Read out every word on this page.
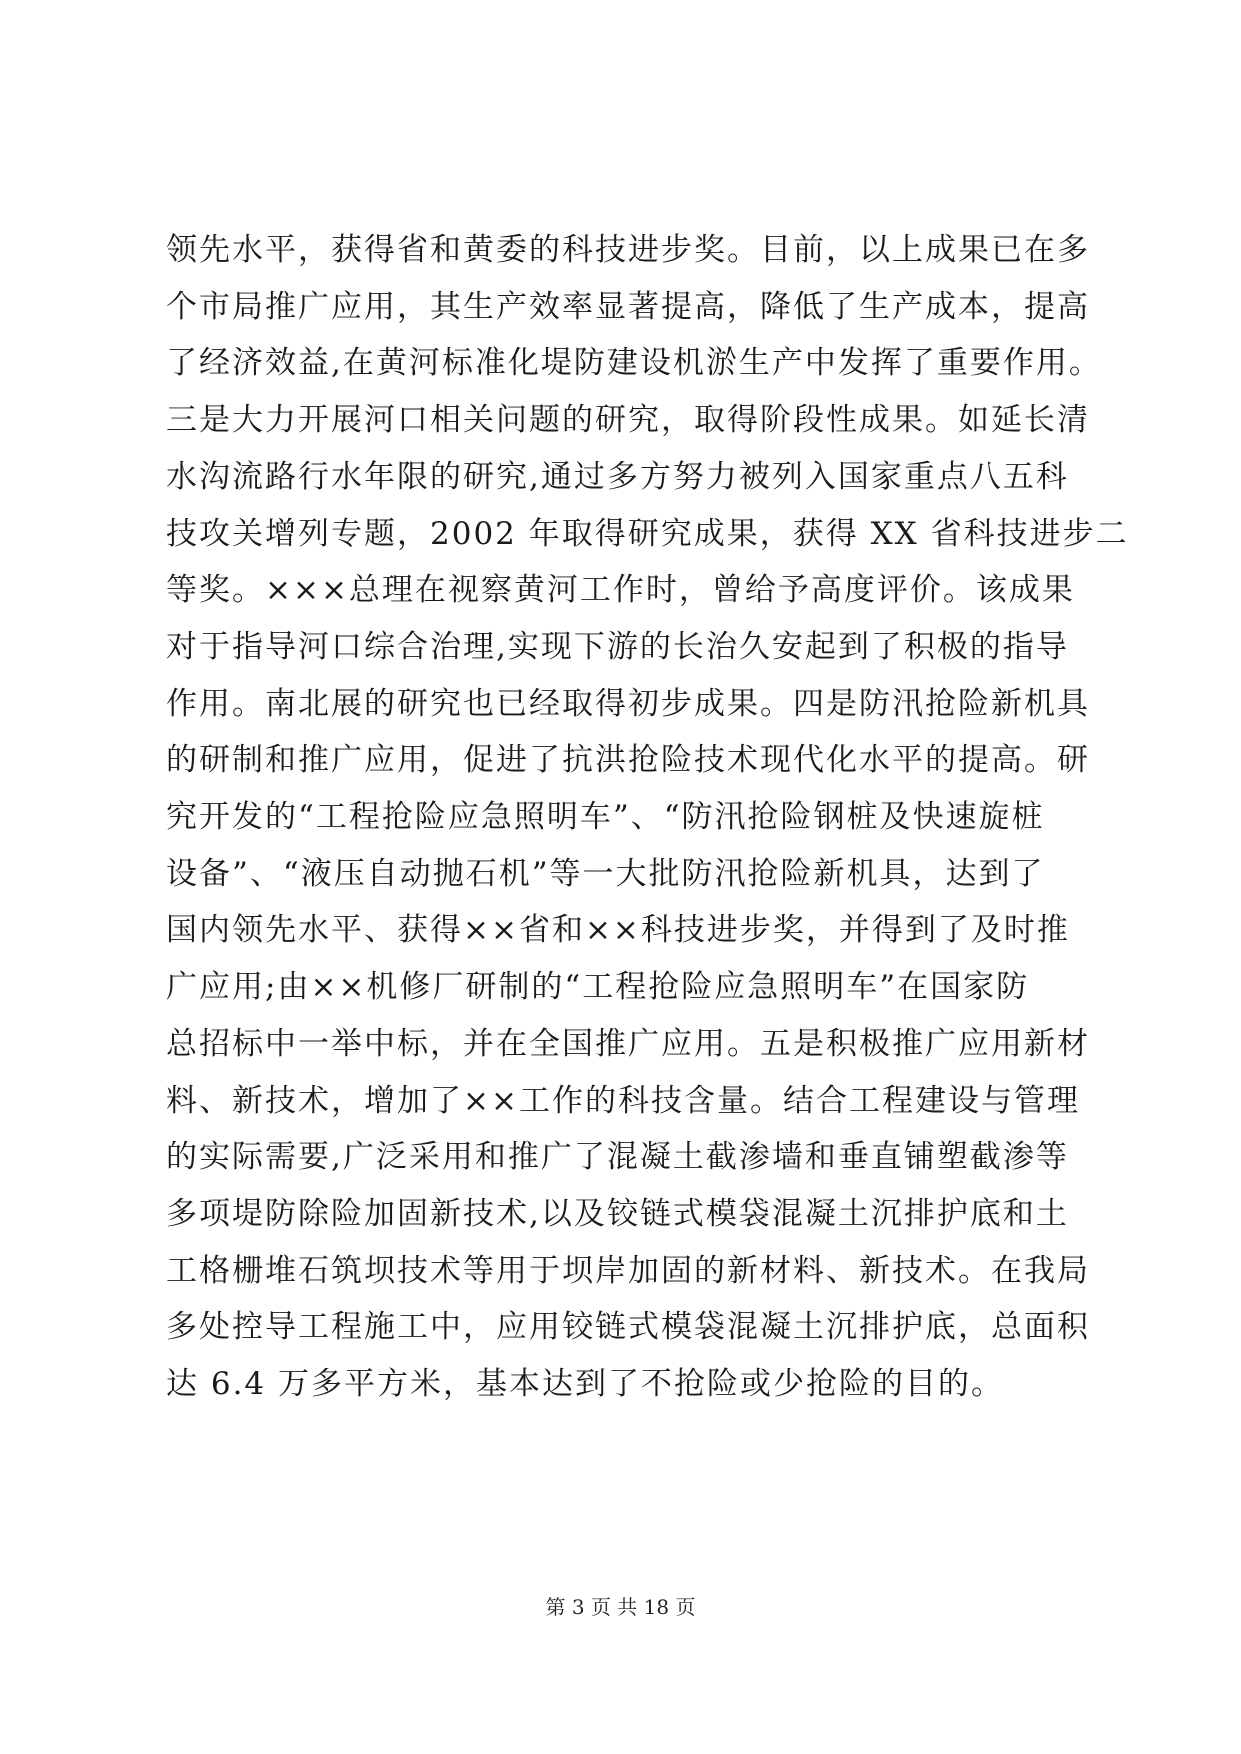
领先水平，获得省和黄委的科技进步奖。目前，以上成果已在多
个市局推广应用，其生产效率显著提高，降低了生产成本，提高
了经济效益,在黄河标准化堤防建设机淤生产中发挥了重要作用。
三是大力开展河口相关问题的研究，取得阶段性成果。如延长清
水沟流路行水年限的研究,通过多方努力被列入国家重点八五科
技攻关增列专题，2002 年取得研究成果，获得 XX 省科技进步二
等奖。×××总理在视察黄河工作时，曾给予高度评价。该成果
对于指导河口综合治理,实现下游的长治久安起到了积极的指导
作用。南北展的研究也已经取得初步成果。四是防汛抢险新机具
的研制和推广应用，促进了抗洪抢险技术现代化水平的提高。研
究开发的“工程抢险应急照明车”、“防汛抢险钢桩及快速旋桩
设备”、“液压自动抛石机”等一大批防汛抢险新机具，达到了
国内领先水平、获得××省和××科技进步奖，并得到了及时推
广应用;由××机修厂研制的“工程抢险应急照明车”在国家防
总招标中一举中标，并在全国推广应用。五是积极推广应用新材
料、新技术，增加了××工作的科技含量。结合工程建设与管理
的实际需要,广泛采用和推广了混凝土截渗墙和垂直铺塑截渗等
多项堤防除险加固新技术,以及铰链式模袋混凝土沉排护底和土
工格栅堆石筑坝技术等用于坝岸加固的新材料、新技术。在我局
多处控导工程施工中，应用铰链式模袋混凝土沉排护底，总面积
达 6.4 万多平方米，基本达到了不抢险或少抢险的目的。
第 3 页 共 18 页
